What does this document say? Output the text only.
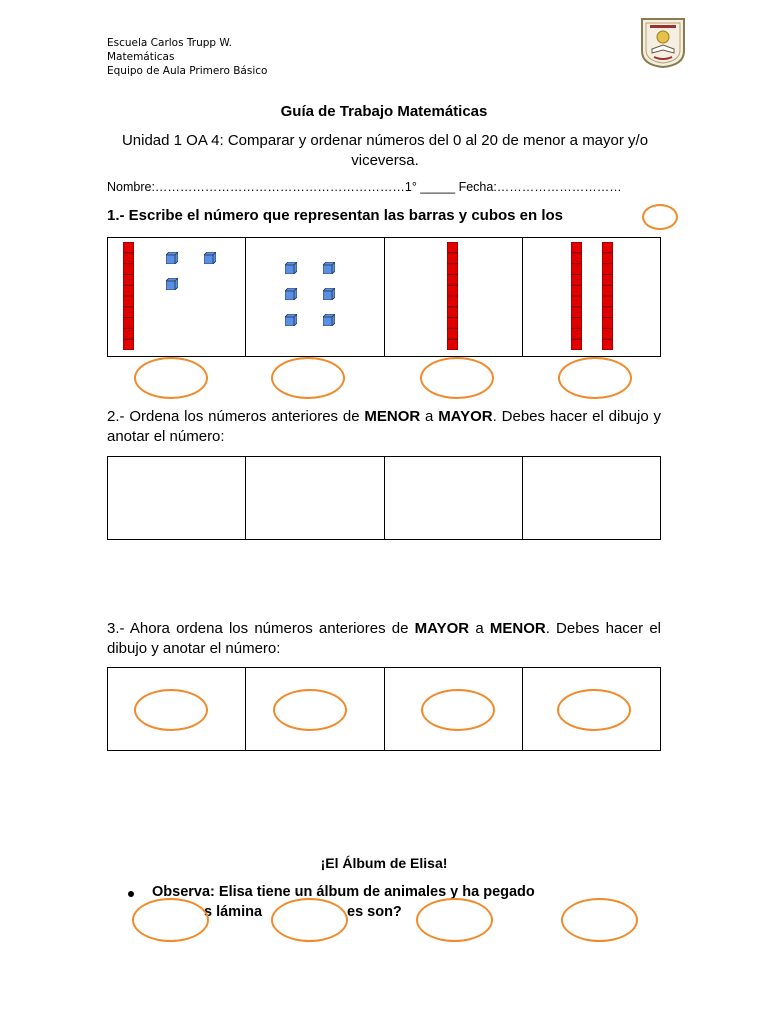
Escuela Carlos Trupp W.
Matemáticas
Equipo de Aula Primero Básico
Guía de Trabajo Matemáticas
Unidad 1 OA 4: Comparar y ordenar números del 0 al 20 de menor a mayor y/o viceversa.
Nombre:……………………………………………………1° _____ Fecha:…………………………
1.- Escribe el número que representan las barras y cubos en los
2.- Ordena los números anteriores de MENOR a MAYOR. Debes hacer el dibujo y anotar el número:
3.- Ahora ordena los números anteriores de MAYOR a MENOR. Debes hacer el dibujo y anotar el número:
¡El Álbum de Elisa!
Observa: Elisa tiene un álbum de animales y ha pegado
s lámina	es son?
